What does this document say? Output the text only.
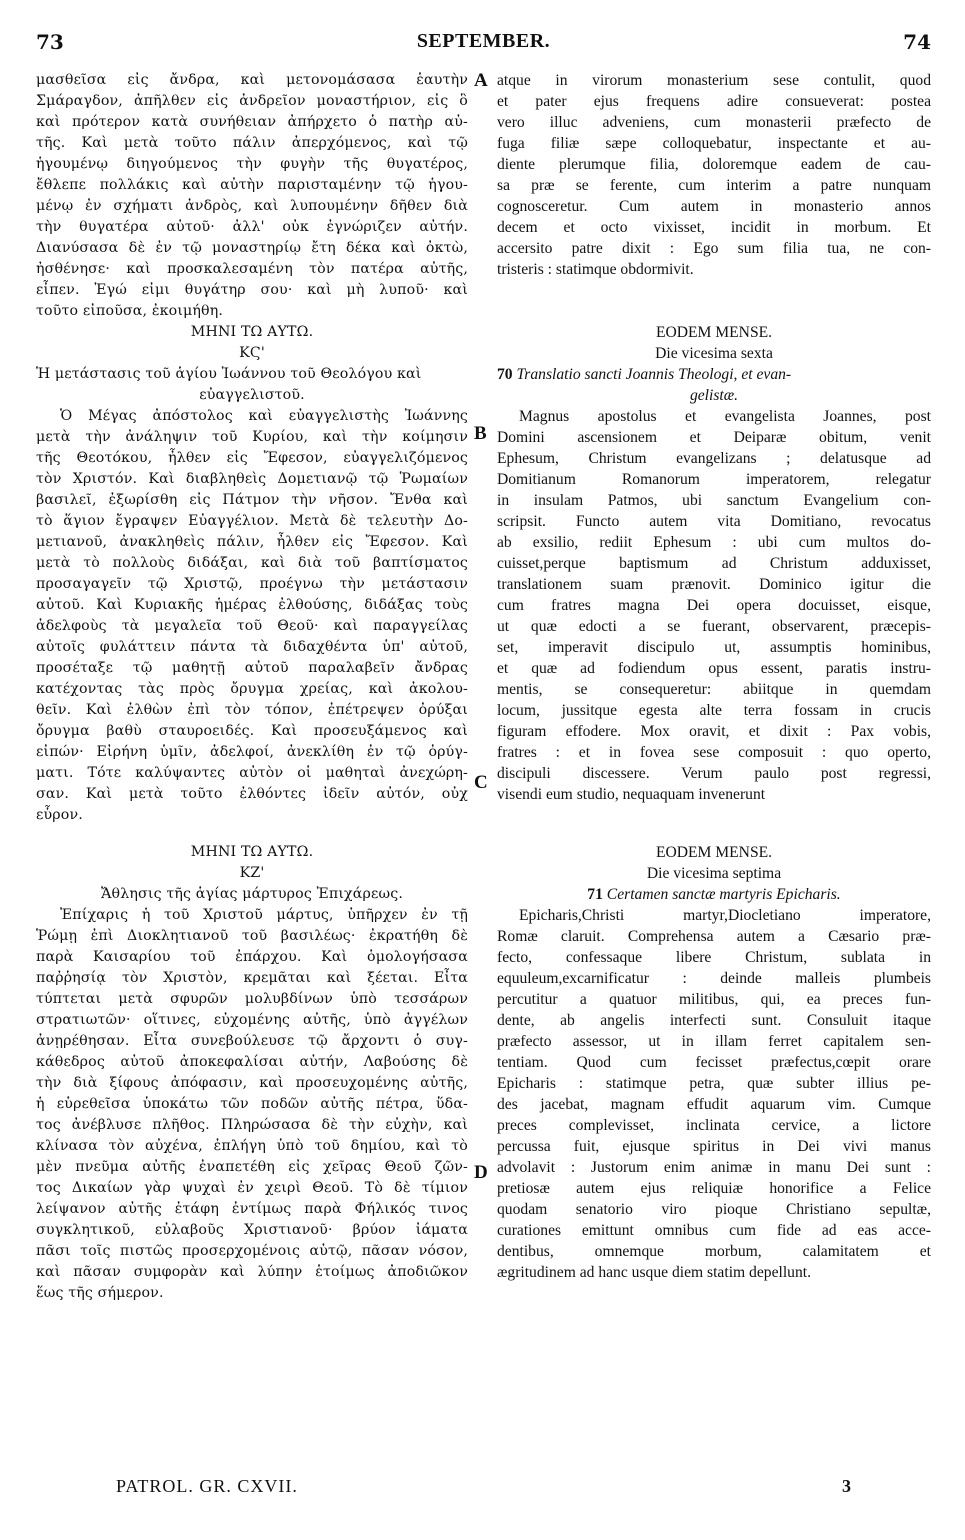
73	SEPTEMBER.	74
A
B
C
D
μασθεῖσα εἰς ἄνδρα, καὶ μετονομάσασα ἑαυτὴν
Σμάραγδον, ἀπῆλθεν εἰς ἀνδρεῖον μοναστήριον, εἰς ὃ
καὶ πρότερον κατὰ συνήθειαν ἀπήρχετο ὁ πατὴρ αὐ-
τῆς. Καὶ μετὰ τοῦτο πάλιν ἀπερχόμενος, καὶ τῷ
ἡγουμένῳ διηγούμενος τὴν φυγὴν τῆς θυγατέρος,
ἔθλεπε πολλάκις καὶ αὐτὴν παρισταμένην τῷ ἡγου-
μένῳ ἐν σχήματι ἀνδρὸς, καὶ λυπουμένην δῆθεν διὰ
τὴν θυγατέρα αὐτοῦ· ἀλλ' οὐκ ἐγνώριζεν αὐτήν.
Διανύσασα δὲ ἐν τῷ μοναστηρίῳ ἔτη δέκα καὶ ὀκτὼ,
ἠσθένησε· καὶ προσκαλεσαμένη τὸν πατέρα αὐτῆς,
εἶπεν. Ἐγώ εἰμι θυγάτηρ σου· καὶ μὴ λυποῦ· καὶ
τοῦτο εἰποῦσα, ἐκοιμήθη.
ΜΗΝΙ ΤΩ ΑΥΤΩ.
ΚϚ'
Ἡ μετάστασις τοῦ ἁγίου Ἰωάννου τοῦ Θεολόγου καὶ
εὐαγγελιστοῦ.
Ὁ Μέγας ἀπόστολος καὶ εὐαγγελιστὴς Ἰωάννης
μετὰ τὴν ἀνάληψιν τοῦ Κυρίου, καὶ τὴν κοίμησιν
τῆς Θεοτόκου, ἦλθεν εἰς Ἔφεσον, εὐαγγελιζόμενος
τὸν Χριστόν. Καὶ διαβληθεὶς Δομετιανῷ τῷ Ῥωμαίων
βασιλεῖ, ἐξωρίσθη εἰς Πάτμον τὴν νῆσον. Ἔνθα καὶ
τὸ ἅγιον ἔγραψεν Εὐαγγέλιον. Μετὰ δὲ τελευτὴν Δο-
μετιανοῦ, ἀνακληθεὶς πάλιν, ἦλθεν εἰς Ἔφεσον. Καὶ
μετὰ τὸ πολλοὺς διδάξαι, καὶ διὰ τοῦ βαπτίσματος
προσαγαγεῖν τῷ Χριστῷ, προέγνω τὴν μετάστασιν
αὐτοῦ. Καὶ Κυριακῆς ἡμέρας ἐλθούσης, διδάξας τοὺς
ἀδελφοὺς τὰ μεγαλεῖα τοῦ Θεοῦ· καὶ παραγγείλας
αὐτοῖς φυλάττειν πάντα τὰ διδαχθέντα ὑπ' αὐτοῦ,
προσέταξε τῷ μαθητῇ αὐτοῦ παραλαβεῖν ἄνδρας
κατέχοντας τὰς πρὸς ὄρυγμα χρείας, καὶ ἀκολου-
θεῖν. Καὶ ἐλθὼν ἐπὶ τὸν τόπον, ἐπέτρεψεν ὀρύξαι
ὄρυγμα βαθὺ σταυροειδές. Καὶ προσευξάμενος καὶ
εἰπών· Εἰρήνη ὑμῖν, ἀδελφοί, ἀνεκλίθη ἐν τῷ ὀρύγ-
ματι. Τότε καλύψαντες αὐτὸν οἱ μαθηταὶ ἀνεχώρη-
σαν. Καὶ μετὰ τοῦτο ἐλθόντες ἰδεῖν αὐτόν, οὐχ
εὗρον.
ΜΗΝΙ ΤΩ ΑΥΤΩ.
ΚΖ'
Ἄθλησις τῆς ἁγίας μάρτυρος Ἐπιχάρεως.
Ἐπίχαρις ἡ τοῦ Χριστοῦ μάρτυς, ὑπῆρχεν ἐν τῇ
Ῥώμῃ ἐπὶ Διοκλητιανοῦ τοῦ βασιλέως· ἐκρατήθη δὲ
παρὰ Καισαρίου τοῦ ἐπάρχου. Καὶ ὁμολογήσασα
παῤῥησίᾳ τὸν Χριστὸν, κρεμᾶται καὶ ξέεται. Εἶτα
τύπτεται μετὰ σφυρῶν μολυβδίνων ὑπὸ τεσσάρων
στρατιωτῶν· οἵτινες, εὐχομένης αὐτῆς, ὑπὸ ἀγγέλων
ἀνῃρέθησαν. Εἶτα συνεβούλευσε τῷ ἄρχοντι ὁ συγ-
κάθεδρος αὐτοῦ ἀποκεφαλίσαι αὐτήν, Λαβούσης δὲ
τὴν διὰ ξίφους ἀπόφασιν, καὶ προσευχομένης αὐτῆς,
ἡ εὑρεθεῖσα ὑποκάτω τῶν ποδῶν αὐτῆς πέτρα, ὕδα-
τος ἀνέβλυσε πλῆθος. Πληρώσασα δὲ τὴν εὐχὴν, καὶ
κλίνασα τὸν αὐχένα, ἐπλήγη ὑπὸ τοῦ δημίου, καὶ τὸ
μὲν πνεῦμα αὐτῆς ἐναπετέθη εἰς χεῖρας Θεοῦ ζῶν-
τος Δικαίων γὰρ ψυχαὶ ἐν χειρὶ Θεοῦ. Τὸ δὲ τίμιον
λείψανον αὐτῆς ἐτάφη ἐντίμως παρὰ Φήλικός τινος
συγκλητικοῦ, εὐλαβοῦς Χριστιανοῦ· βρύον ἰάματα
πᾶσι τοῖς πιστῶς προσερχομένοις αὐτῷ, πᾶσαν νόσον,
καὶ πᾶσαν συμφορὰν καὶ λύπην ἑτοίμως ἀποδιῶκον
ἕως τῆς σήμερον.
atque in virorum monasterium sese contulit, quod
et pater ejus frequens adire consueverat: postea
vero illuc adveniens, cum monasterii præfecto de
fuga filiæ sæpe colloquebatur, inspectante et au-
diente plerumque filia, doloremque eadem de cau-
sa præ se ferente, cum interim a patre nunquam
cognosceretur. Cum autem in monasterio annos
decem et octo vixisset, incidit in morbum. Et
accersito patre dixit : Ego sum filia tua, ne con-
tristeris : statimque obdormivit.
EODEM MENSE.
Die vicesima sexta
70 Translatio sancti Joannis Theologi, et evan-
gelistæ.
Magnus apostolus et evangelista Joannes, post
Domini ascensionem et Deiparæ obitum, venit
Ephesum, Christum evangelizans ; delatusque ad
Domitianum Romanorum imperatorem, relegatur
in insulam Patmos, ubi sanctum Evangelium con-
scripsit. Functo autem vita Domitiano, revocatus
ab exsilio, rediit Ephesum : ubi cum multos do-
cuisset,perque baptismum ad Christum adduxisset,
translationem suam prænovit. Dominico igitur die
cum fratres magna Dei opera docuisset, eisque,
ut quæ edocti a se fuerant, observarent, præcepis-
set, imperavit discipulo ut, assumptis hominibus,
et quæ ad fodiendum opus essent, paratis instru-
mentis, se consequeretur: abiitque in quemdam
locum, jussitque egesta alte terra fossam in crucis
figuram effodere. Mox oravit, et dixit : Pax vobis,
fratres : et in fovea sese composuit : quo operto,
discipuli discessere. Verum paulo post regressi,
visendi eum studio, nequaquam invenerunt
EODEM MENSE.
Die vicesima septima
71 Certamen sanctæ martyris Epicharis.
Epicharis,Christi martyr,Diocletiano imperatore,
Romæ claruit. Comprehensa autem a Cæsario præ-
fecto, confessaque libere Christum, sublata in
equuleum,excarnificatur : deinde malleis plumbeis
percutitur a quatuor militibus, qui, ea preces fun-
dente, ab angelis interfecti sunt. Consuluit itaque
præfecto assessor, ut in illam ferret capitalem sen-
tentiam. Quod cum fecisset præfectus,cœpit orare
Epicharis : statimque petra, quæ subter illius pe-
des jacebat, magnam effudit aquarum vim. Cumque
preces complevisset, inclinata cervice, a lictore
percussa fuit, ejusque spiritus in Dei vivi manus
advolavit : Justorum enim animæ in manu Dei sunt :
pretiosæ autem ejus reliquiæ honorifice a Felice
quodam senatorio viro pioque Christiano sepultæ,
curationes emittunt omnibus cum fide ad eas acce-
dentibus, omnemque morbum, calamitatem et
ægritudinem ad hanc usque diem statim depellunt.
PATROL. GR. CXVII.	3
